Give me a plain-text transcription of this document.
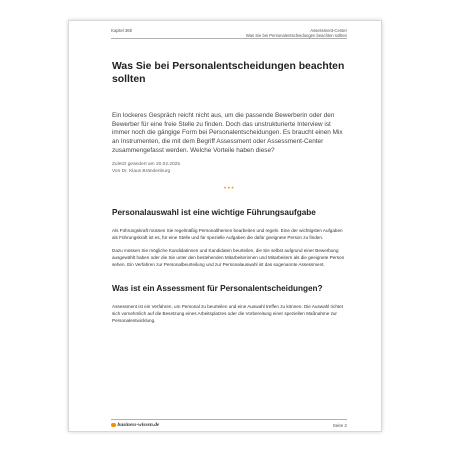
Kapitel 368	Assessment-Center
Was Sie bei Personalentscheidungen beachten sollten
Was Sie bei Personalentscheidungen beachten sollten

Ein lockeres Gespräch reicht nicht aus, um die passende Bewerberin oder den Bewerber für eine freie Stelle zu finden. Doch das unstrukturierte Interview ist immer noch die gängige Form bei Personalentscheidungen. Es braucht einen Mix an Instrumenten, die mit dem Begriff Assessment oder Assessment-Center zusammengefasst werden. Welche Vorteile haben diese?

Zuletzt geändert am 20.02.2025
Von Dr. Klaus Brändenburg
•••
Personalauswahl ist eine wichtige Führungsaufgabe

Als Führungskraft müssen Sie regelmäßig Personalthemen bearbeiten und regeln. Eine der wichtigsten Aufgaben als Führungskraft ist es, für eine Stelle und für spezielle Aufgaben die dafür geeignete Person zu finden.

Dazu müssen Sie mögliche Kandidatinnen und Kandidaten beurteilen, die Sie selbst aufgrund einer Bewerbung ausgewählt haben oder die Sie unter den bestehenden Mitarbeiterinnen und Mitarbeitern als die geeignete Person sehen. Ein Verfahren zur Personalbeurteilung und zur Personalauswahl ist das sogenannte Assessment.

Was ist ein Assessment für Personalentscheidungen?

Assessment ist ein Verfahren, um Personal zu beurteilen und eine Auswahl treffen zu können. Die Auswahl richtet sich vornehmlich auf die Besetzung eines Arbeitsplatzes oder die Vorbereitung einer speziellen Maßnahme zur Personalentwicklung.

business-wissen.de	Seite 2
